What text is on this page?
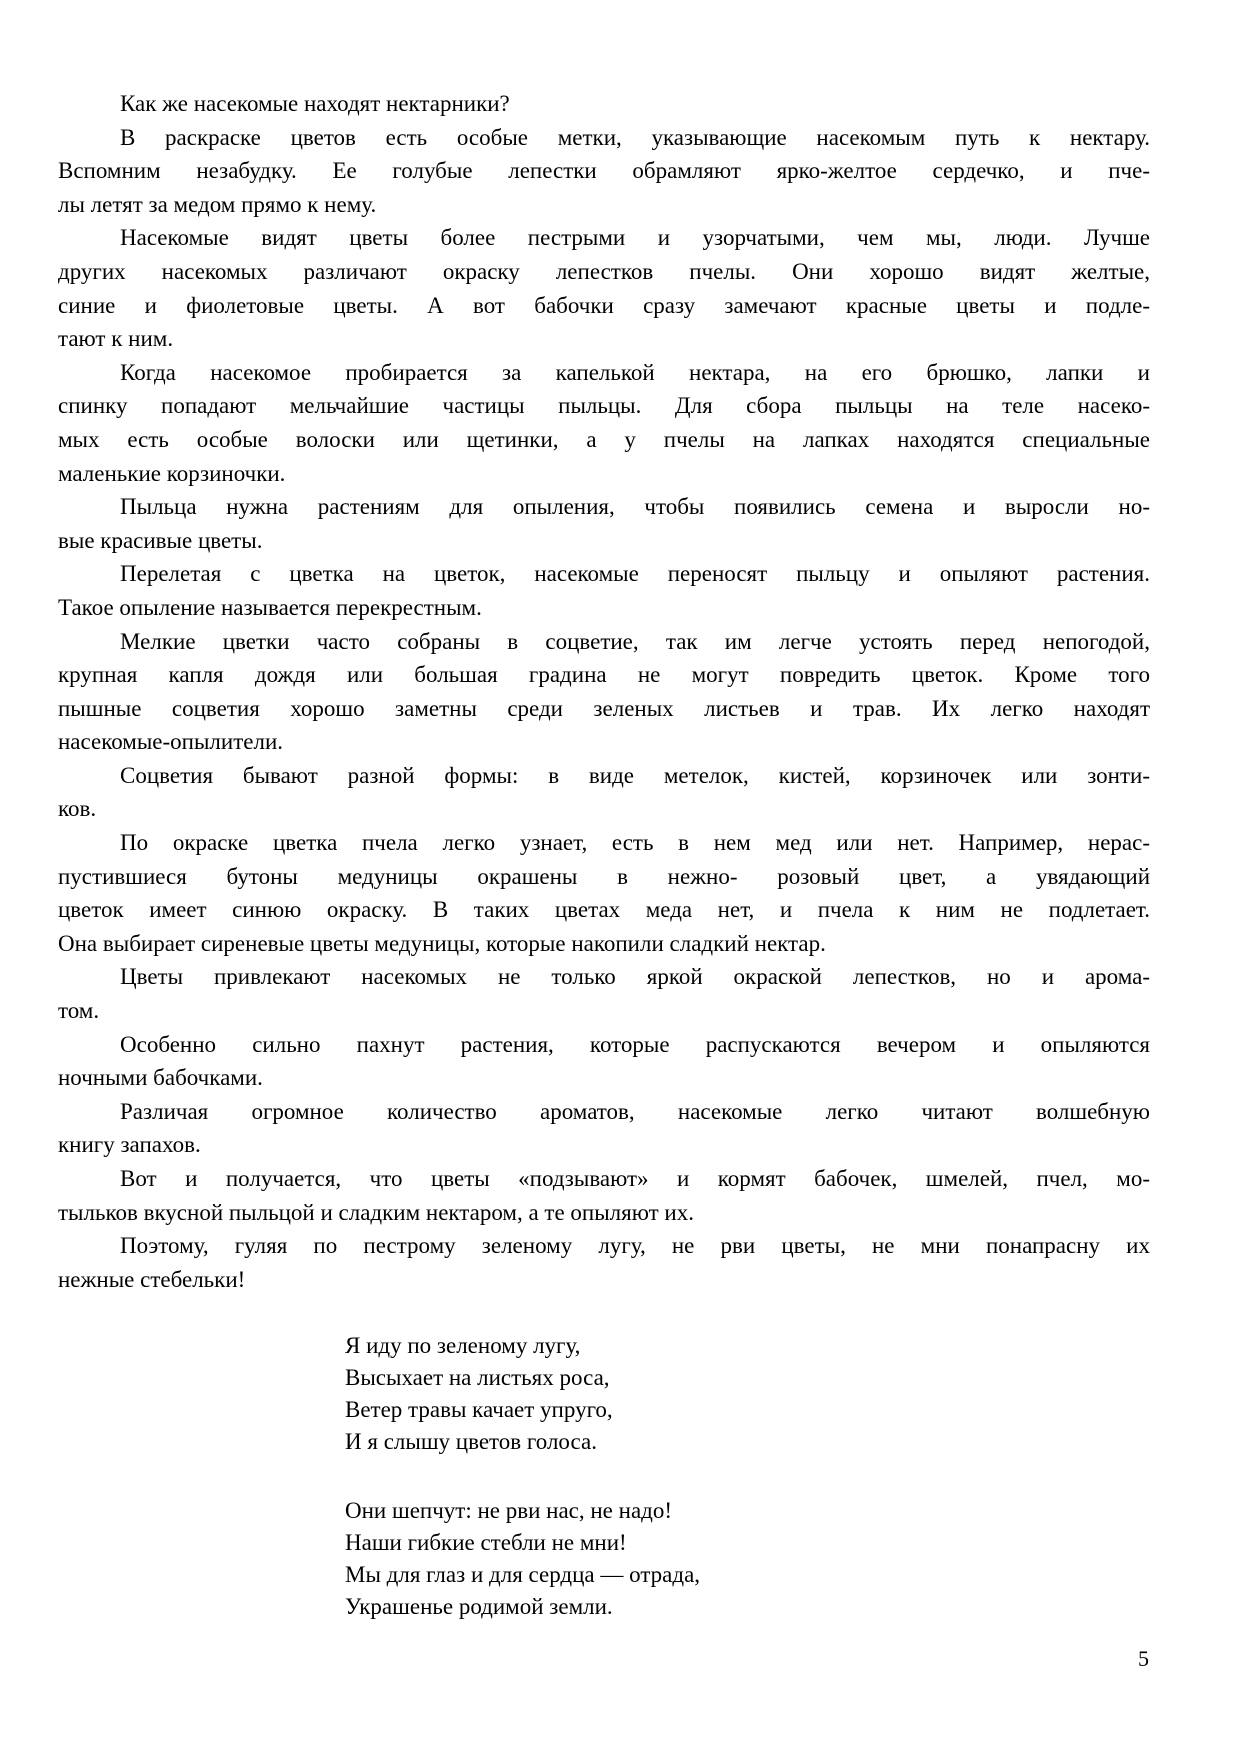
Как же насекомые находят нектарники?

В раскраске цветов есть особые метки, указывающие насекомым путь к нектару.
Вспомним незабудку. Ее голубые лепестки обрамляют ярко-желтое сердечко, и пче-
лы летят за медом прямо к нему.

Насекомые видят цветы более пестрыми и узорчатыми, чем мы, люди. Лучше
других насекомых различают окраску лепестков пчелы. Они хорошо видят желтые,
синие и фиолетовые цветы. А вот бабочки сразу замечают красные цветы и подле-
тают к ним.

Когда насекомое пробирается за капелькой нектара, на его брюшко, лапки и
спинку попадают мельчайшие частицы пыльцы. Для сбора пыльцы на теле насеко-
мых есть особые волоски или щетинки, а у пчелы на лапках находятся специальные
маленькие корзиночки.

Пыльца нужна растениям для опыления, чтобы появились семена и выросли но-
вые красивые цветы.

Перелетая с цветка на цветок, насекомые переносят пыльцу и опыляют растения.
Такое опыление называется перекрестным.

Мелкие цветки часто собраны в соцветие, так им легче устоять перед непогодой,
крупная капля дождя или большая градина не могут повредить цветок. Кроме того
пышные соцветия хорошо заметны среди зеленых листьев и трав. Их легко находят
насекомые-опылители.

Соцветия бывают разной формы: в виде метелок, кистей, корзиночек или зонти-
ков.

По окраске цветка пчела легко узнает, есть в нем мед или нет. Например, нерас-
пустившиеся бутоны медуницы окрашены в нежно- розовый цвет, а увядающий
цветок имеет синюю окраску. В таких цветах меда нет, и пчела к ним не подлетает.
Она выбирает сиреневые цветы медуницы, которые накопили сладкий нектар.

Цветы привлекают насекомых не только яркой окраской лепестков, но и арома-
том.

Особенно сильно пахнут растения, которые распускаются вечером и опыляются
ночными бабочками.

Различая огромное количество ароматов, насекомые легко читают волшебную
книгу запахов.

Вот и получается, что цветы «подзывают» и кормят бабочек, шмелей, пчел, мо-
тыльков вкусной пыльцой и сладким нектаром, а те опыляют их.

Поэтому, гуляя по пестрому зеленому лугу, не рви цветы, не мни понапрасну их
нежные стебельки!

Я иду по зеленому лугу,
Высыхает на листьях роса,
Ветер травы качает упруго,
И я слышу цветов голоса.
Они шепчут: не рви нас, не надо!
Наши гибкие стебли не мни!
Мы для глаз и для сердца — отрада,
Украшенье родимой земли.
5
